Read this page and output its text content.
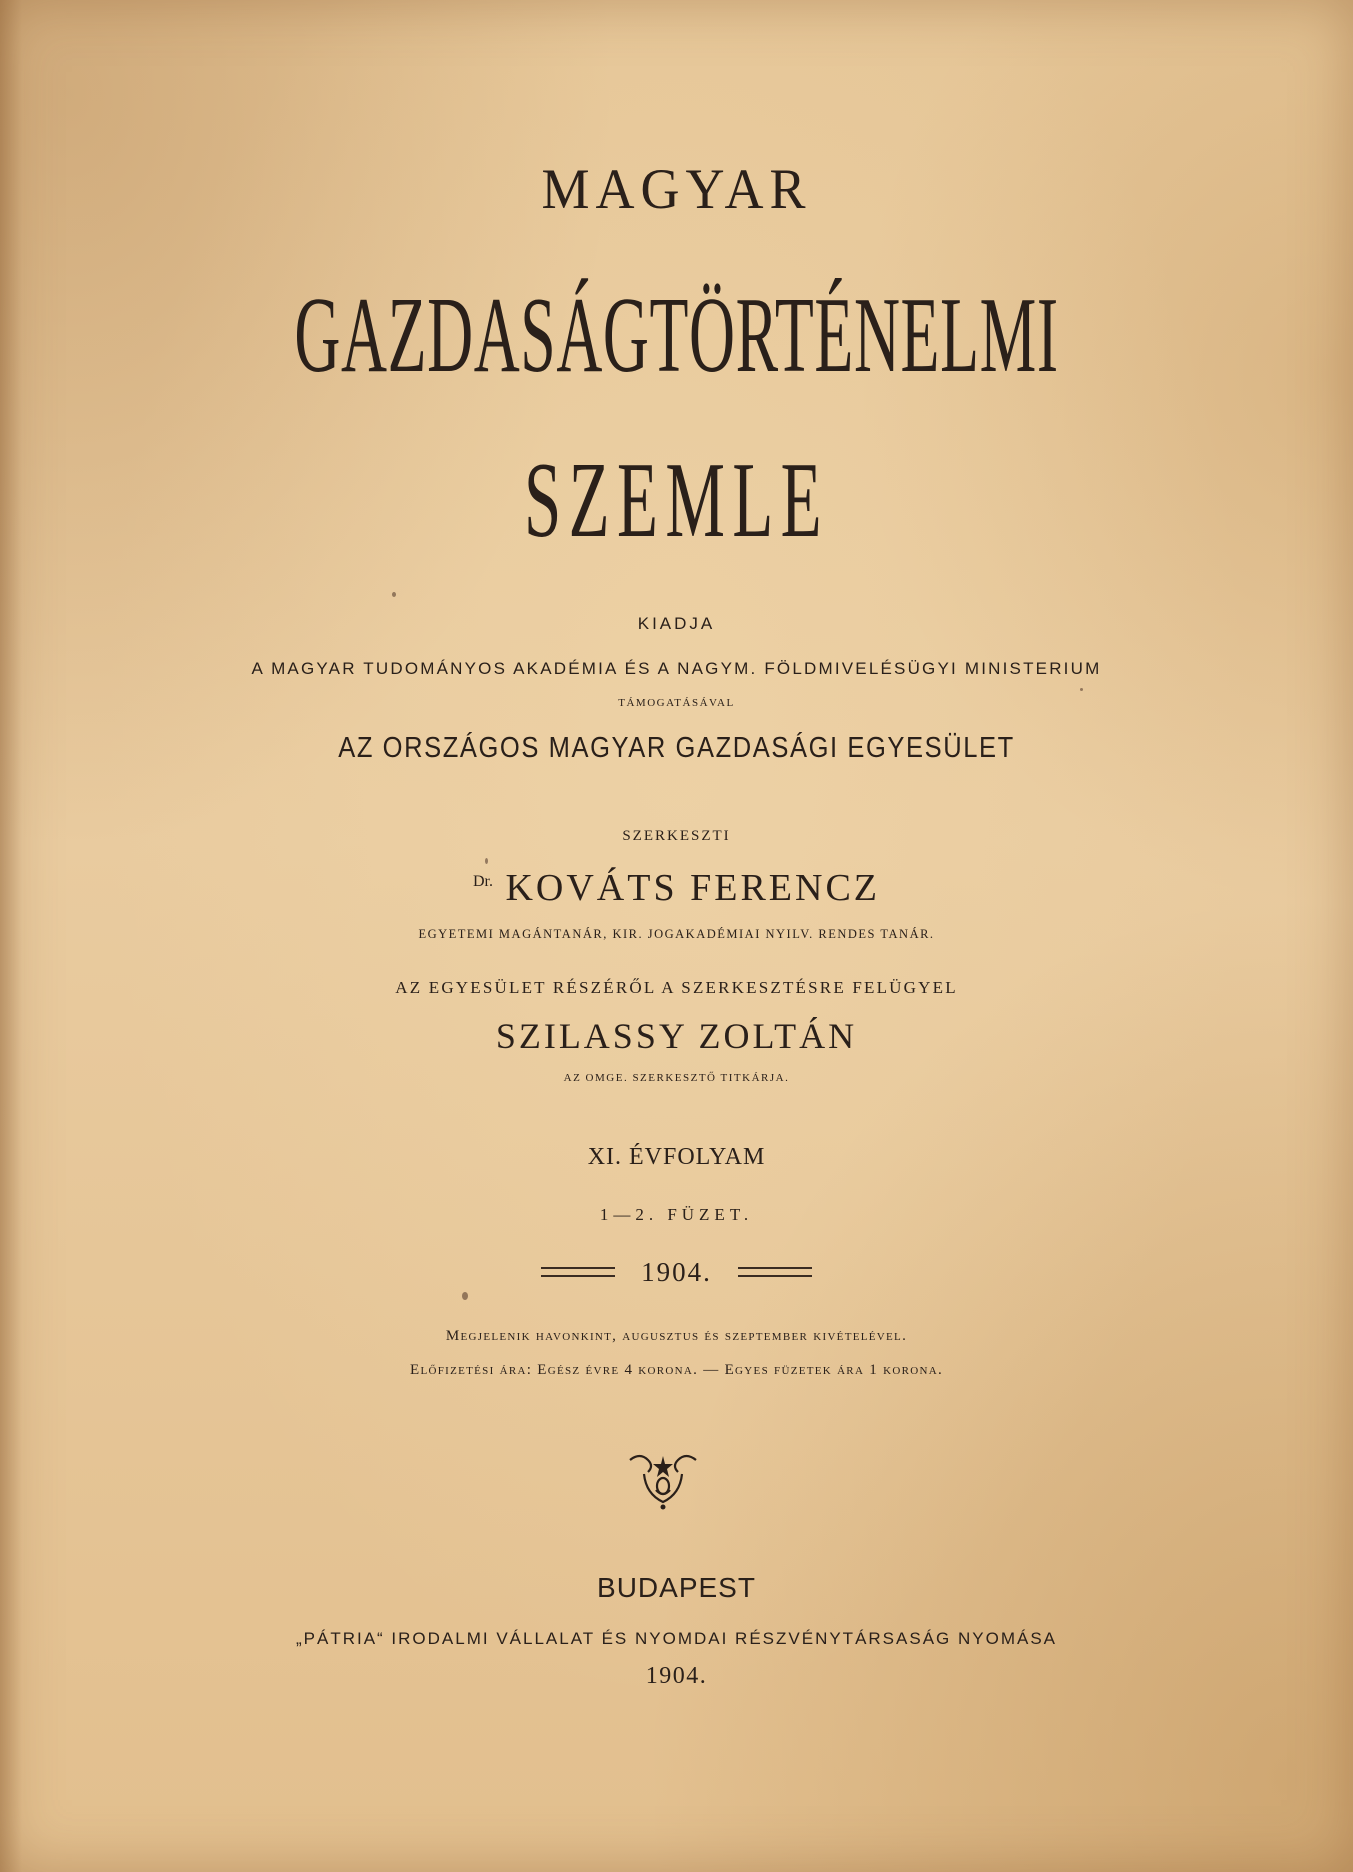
MAGYAR
GAZDASÁGTÖRTÉNELMI
SZEMLE
KIADJA
A MAGYAR TUDOMÁNYOS AKADÉMIA ÉS A NAGYM. FÖLDMIVELÉSÜGYI MINISTERIUM
TÁMOGATÁSÁVAL
AZ ORSZÁGOS MAGYAR GAZDASÁGI EGYESÜLET
SZERKESZTI
$^{Dr.}$ KOVÁTS FERENCZ
EGYETEMI MAGÁNTANÁR, KIR. JOGAKADÉMIAI NYILV. RENDES TANÁR.
AZ EGYESÜLET RÉSZÉRŐL A SZERKESZTÉSRE FELÜGYEL
SZILASSY ZOLTÁN
AZ OMGE. SZERKESZTŐ TITKÁRJA.
XI. ÉVFOLYAM
1—2. FÜZET.
1904.
Megjelenik havonkint, augusztus és szeptember kivételével.
Előfizetési ára: Egész évre 4 korona. — Egyes füzetek ára 1 korona.
BUDAPEST
„PÁTRIA“ IRODALMI VÁLLALAT ÉS NYOMDAI RÉSZVÉNYTÁRSASÁG NYOMÁSA
1904.
